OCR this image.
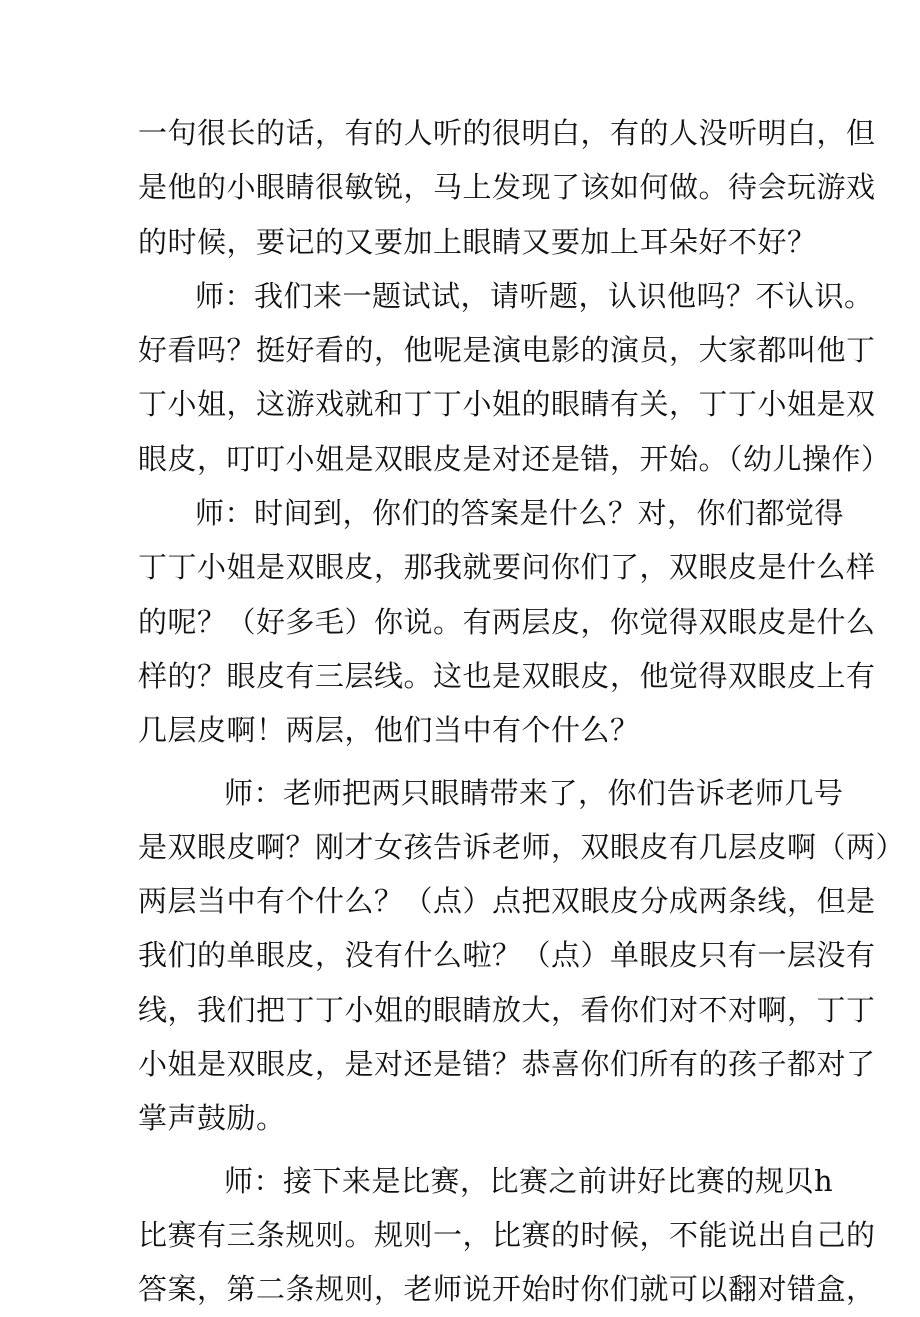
一句很长的话，有的人听的很明白，有的人没听明白，但
是他的小眼睛很敏锐，马上发现了该如何做。待会玩游戏
的时候，要记的又要加上眼睛又要加上耳朵好不好？
师：我们来一题试试，请听题，认识他吗？不认识。
好看吗？挺好看的，他呢是演电影的演员，大家都叫他丁
丁小姐，这游戏就和丁丁小姐的眼睛有关，丁丁小姐是双
眼皮，叮叮小姐是双眼皮是对还是错，开始。（幼儿操作）
师：时间到，你们的答案是什么？对，你们都觉得
丁丁小姐是双眼皮，那我就要问你们了，双眼皮是什么样
的呢？（好多毛）你说。有两层皮，你觉得双眼皮是什么
样的？眼皮有三层线。这也是双眼皮，他觉得双眼皮上有
几层皮啊！两层，他们当中有个什么？
师：老师把两只眼睛带来了，你们告诉老师几号
是双眼皮啊？刚才女孩告诉老师，双眼皮有几层皮啊（两）
两层当中有个什么？（点）点把双眼皮分成两条线，但是
我们的单眼皮，没有什么啦？（点）单眼皮只有一层没有
线，我们把丁丁小姐的眼睛放大，看你们对不对啊，丁丁
小姐是双眼皮，是对还是错？恭喜你们所有的孩子都对了
掌声鼓励。
师：接下来是比赛，比赛之前讲好比赛的规贝h
比赛有三条规则。规则一，比赛的时候，不能说出自己的
答案，第二条规则，老师说开始时你们就可以翻对错盒，
